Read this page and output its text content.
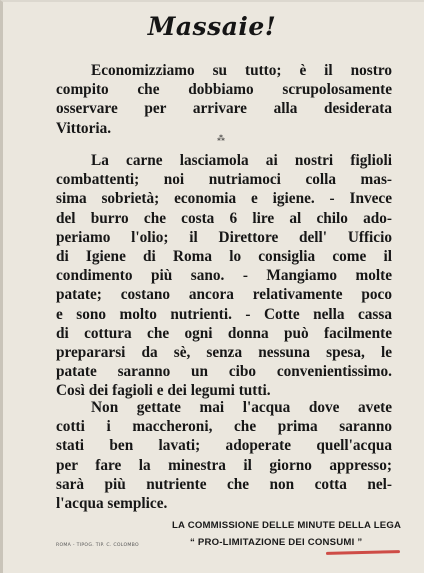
Massaie!
Economizziamo su tutto; è il nostro
compito che dobbiamo scrupolosamente
osservare per arrivare alla desiderata
Vittoria.
⁂
La carne lasciamola ai nostri figlioli
combattenti; noi nutriamoci colla mas-
sima sobrietà; economia e igiene. - Invece
del burro che costa 6 lire al chilo ado-
periamo l'olio; il Direttore dell' Ufficio
di Igiene di Roma lo consiglia come il
condimento più sano. - Mangiamo molte
patate; costano ancora relativamente poco
e sono molto nutrienti. - Cotte nella cassa
di cottura che ogni donna può facilmente
prepararsi da sè, senza nessuna spesa, le
patate saranno un cibo convenientissimo.
Così dei fagioli e dei legumi tutti.
Non gettate mai l'acqua dove avete
cotti i maccheroni, che prima saranno
stati ben lavati; adoperate quell'acqua
per fare la minestra il giorno appresso;
sarà più nutriente che non cotta nel-
l'acqua semplice.
ROMA - TIPOG. TIP. C. COLOMBO
LA COMMISSIONE DELLE MINUTE DELLA LEGA
“ PRO-LIMITAZIONE DEI CONSUMI ”
